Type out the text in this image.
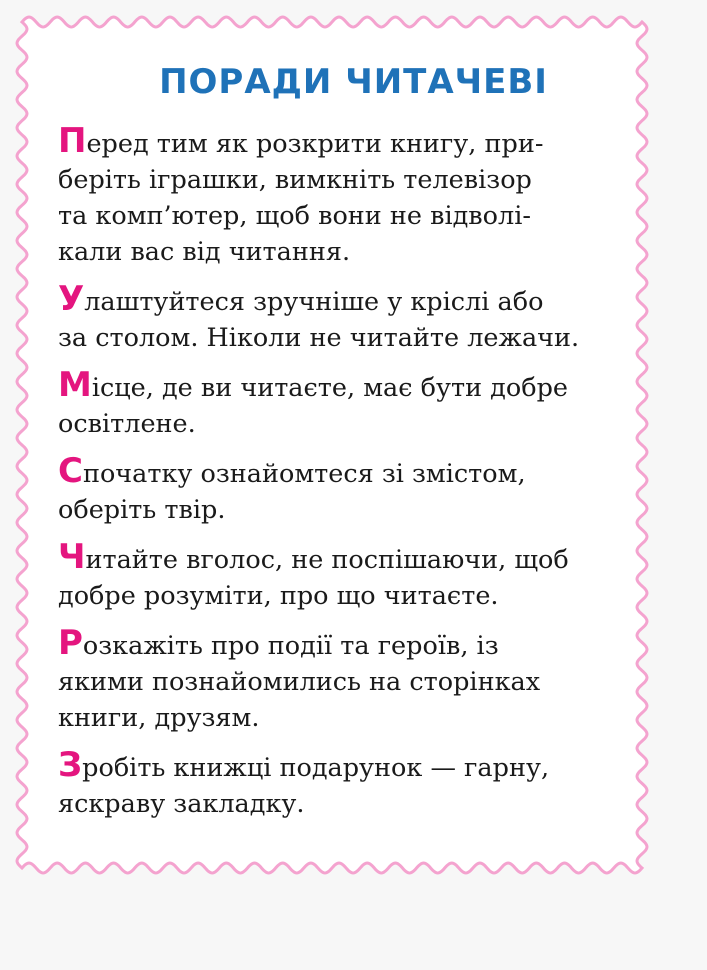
ПОРАДИ ЧИТАЧЕВІ

Перед тим як розкрити книгу, при-
беріть іграшки, вимкніть телевізор
та комп’ютер, щоб вони не відволі-
кали вас від читання.

Улаштуйтеся зручніше у кріслі або
за столом. Ніколи не читайте лежачи.

Місце, де ви читаєте, має бути добре
освітлене.

Спочатку ознайомтеся зі змістом,
оберіть твір.

Читайте вголос, не поспішаючи, щоб
добре розуміти, про що читаєте.

Розкажіть про події та героїв, із
якими познайомились на сторінках
книги, друзям.

Зробіть книжці подарунок — гарну,
яскраву закладку.
